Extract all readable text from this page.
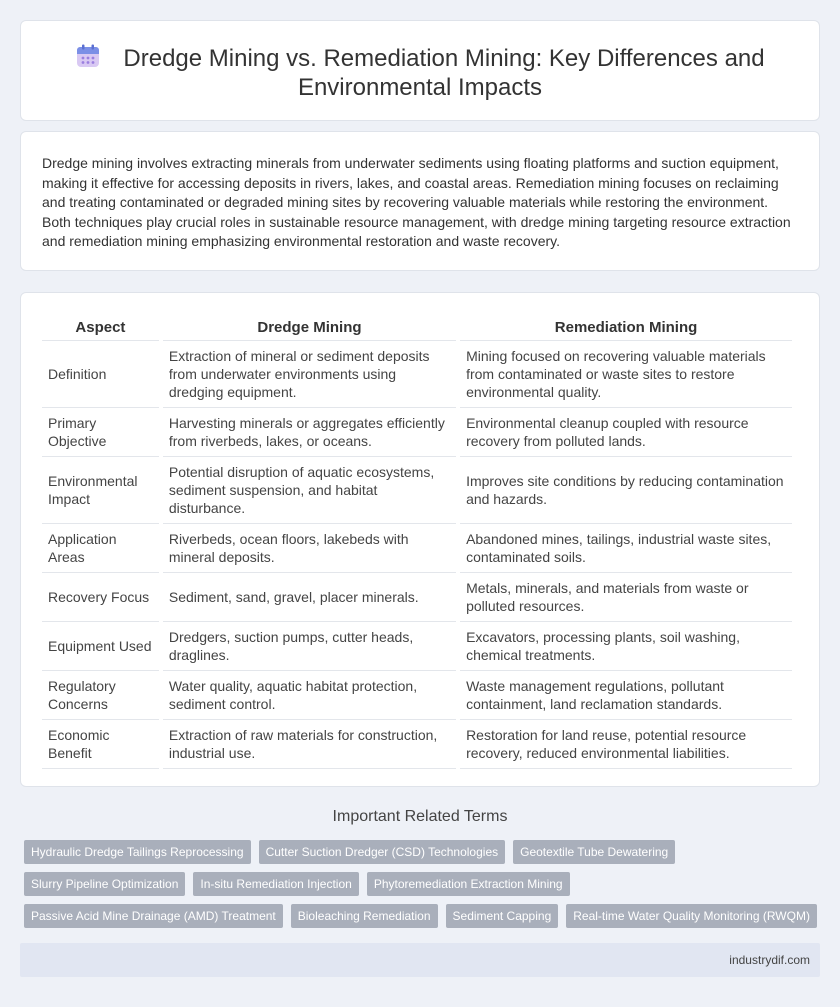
Dredge Mining vs. Remediation Mining: Key Differences and
Environmental Impacts

Dredge mining involves extracting minerals from underwater sediments using floating platforms and suction equipment, making it effective for accessing deposits in rivers, lakes, and coastal areas. Remediation mining focuses on reclaiming and treating contaminated or degraded mining sites by recovering valuable materials while restoring the environment. Both techniques play crucial roles in sustainable resource management, with dredge mining targeting resource extraction and remediation mining emphasizing environmental restoration and waste recovery.

Aspect	Dredge Mining	Remediation Mining
Definition	Extraction of mineral or sediment deposits from underwater environments using dredging equipment.	Mining focused on recovering valuable materials from contaminated or waste sites to restore environmental quality.
Primary Objective	Harvesting minerals or aggregates efficiently from riverbeds, lakes, or oceans.	Environmental cleanup coupled with resource recovery from polluted lands.
Environmental Impact	Potential disruption of aquatic ecosystems, sediment suspension, and habitat disturbance.	Improves site conditions by reducing contamination and hazards.
Application Areas	Riverbeds, ocean floors, lakebeds with mineral deposits.	Abandoned mines, tailings, industrial waste sites, contaminated soils.
Recovery Focus	Sediment, sand, gravel, placer minerals.	Metals, minerals, and materials from waste or polluted resources.
Equipment Used	Dredgers, suction pumps, cutter heads, draglines.	Excavators, processing plants, soil washing, chemical treatments.
Regulatory Concerns	Water quality, aquatic habitat protection, sediment control.	Waste management regulations, pollutant containment, land reclamation standards.
Economic Benefit	Extraction of raw materials for construction, industrial use.	Restoration for land reuse, potential resource recovery, reduced environmental liabilities.
Important Related Terms
Hydraulic Dredge Tailings Reprocessing	Cutter Suction Dredger (CSD) Technologies	Geotextile Tube Dewatering
Slurry Pipeline Optimization	In-situ Remediation Injection	Phytoremediation Extraction Mining
Passive Acid Mine Drainage (AMD) Treatment	Bioleaching Remediation	Sediment Capping	Real-time Water Quality Monitoring (RWQM)
industrydif.com
